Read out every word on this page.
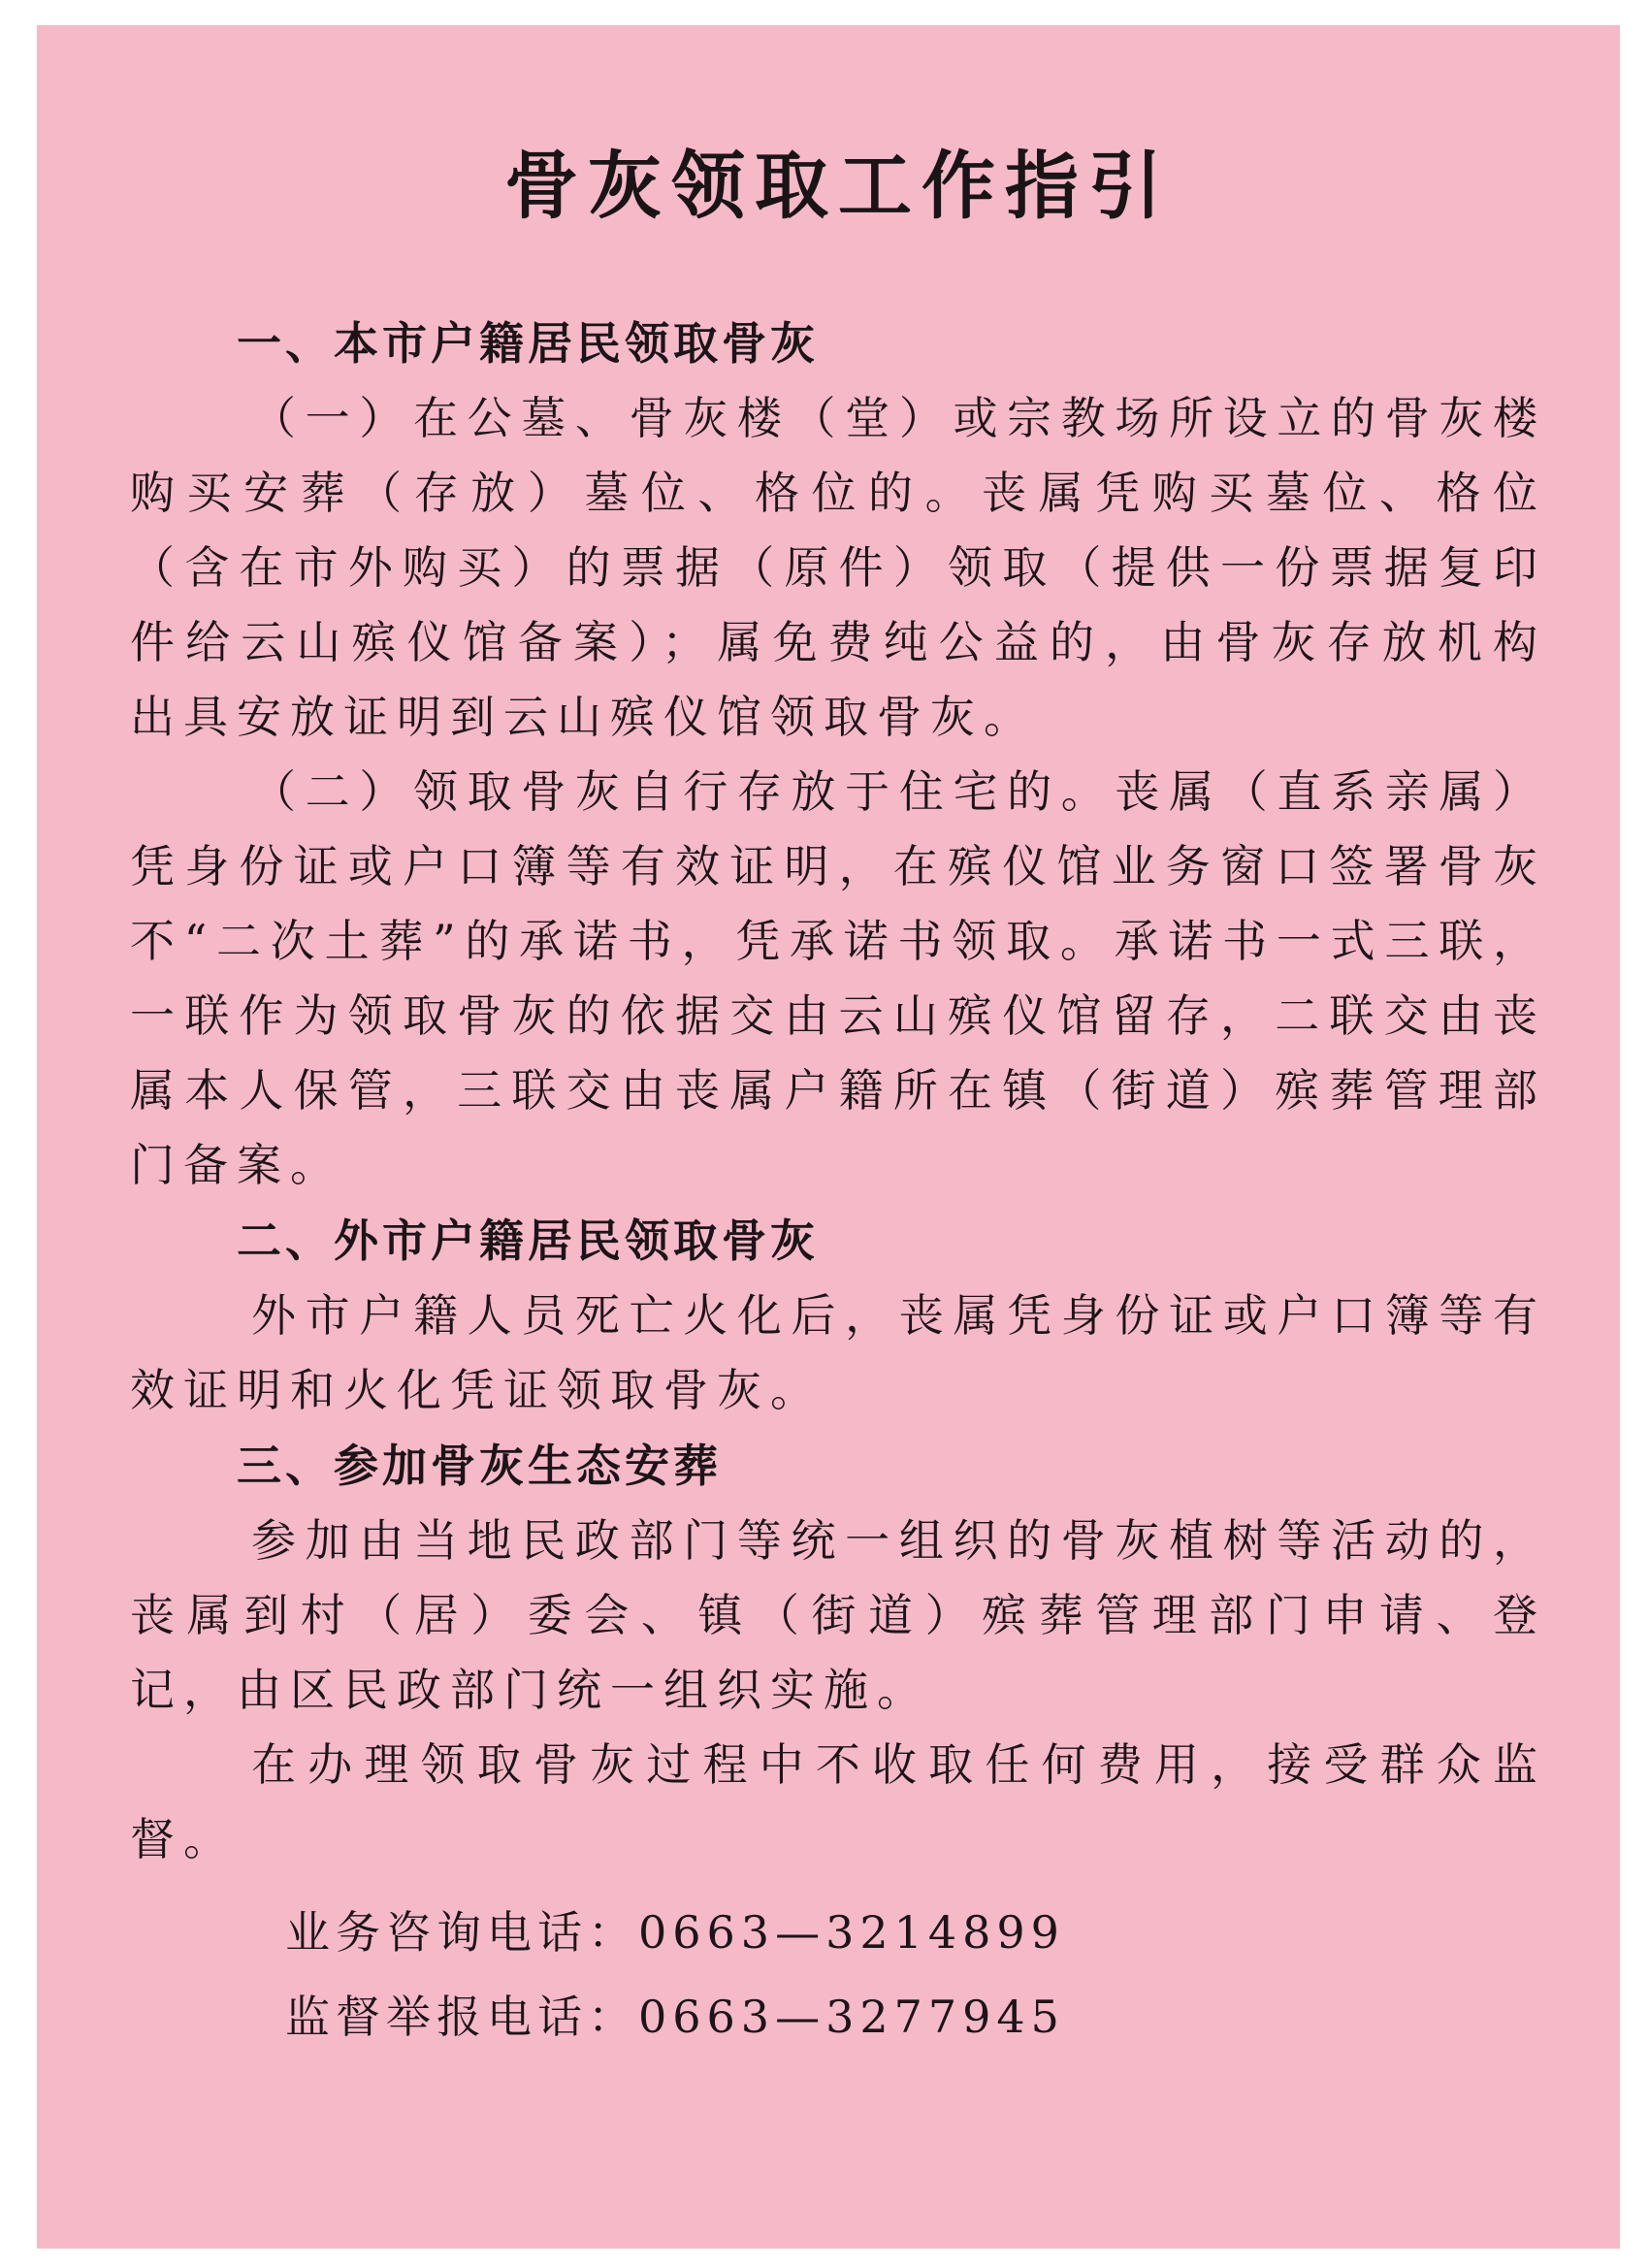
骨灰领取工作指引

一、本市户籍居民领取骨灰

（一）在公墓、骨灰楼（堂）或宗教场所设立的骨灰楼购买安葬（存放）墓位、格位的。丧属凭购买墓位、格位（含在市外购买）的票据（原件）领取（提供一份票据复印件给云山殡仪馆备案）；属免费纯公益的，由骨灰存放机构出具安放证明到云山殡仪馆领取骨灰。

（二）领取骨灰自行存放于住宅的。丧属（直系亲属）凭身份证或户口簿等有效证明，在殡仪馆业务窗口签署骨灰不“二次土葬”的承诺书，凭承诺书领取。承诺书一式三联，一联作为领取骨灰的依据交由云山殡仪馆留存，二联交由丧属本人保管，三联交由丧属户籍所在镇（街道）殡葬管理部门备案。

二、外市户籍居民领取骨灰

外市户籍人员死亡火化后，丧属凭身份证或户口簿等有效证明和火化凭证领取骨灰。

三、参加骨灰生态安葬

参加由当地民政部门等统一组织的骨灰植树等活动的，丧属到村（居）委会、镇（街道）殡葬管理部门申请、登记，由区民政部门统一组织实施。

在办理领取骨灰过程中不收取任何费用，接受群众监督。

业务咨询电话：0663—3214899

监督举报电话：0663—3277945
